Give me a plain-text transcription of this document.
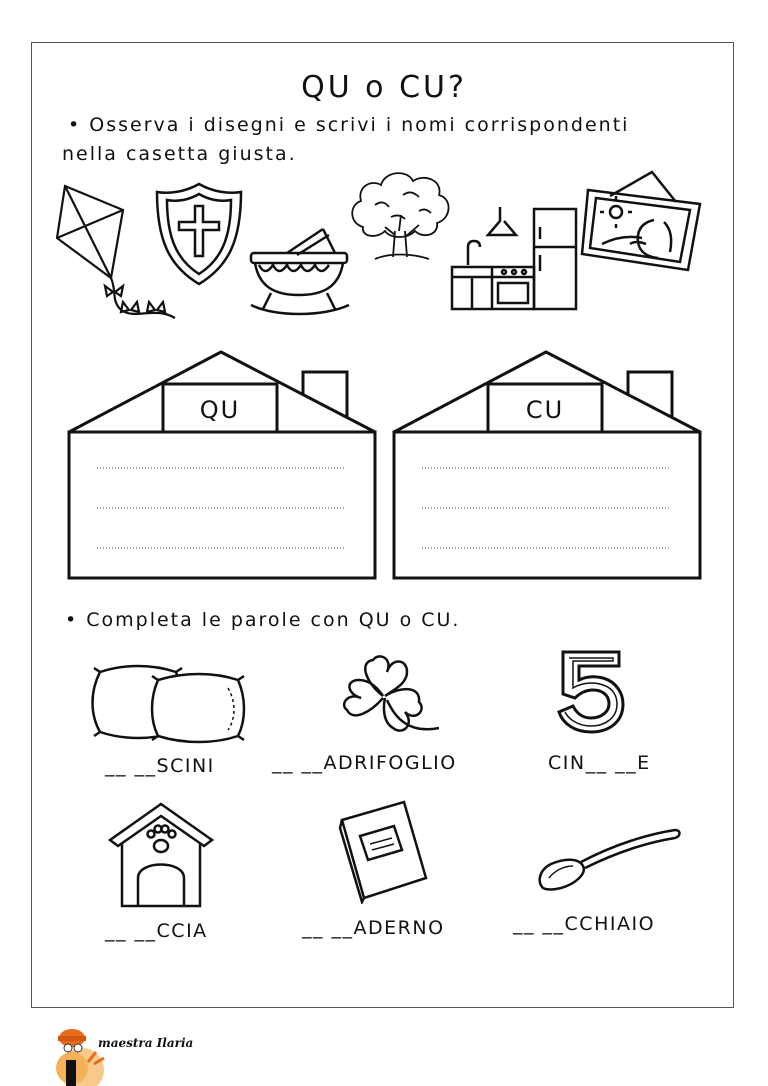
QU o CU?
• Osserva i disegni e scrivi i nomi corrispondenti
nella casetta giusta.
QU	CU
• Completa le parole con QU o CU.
__ __SCINI	__ __ADRIFOGLIO	CIN__ __E
__ __CCIA	__ __ADERNO	__ __CCHIAIO
maestra Ilaria
